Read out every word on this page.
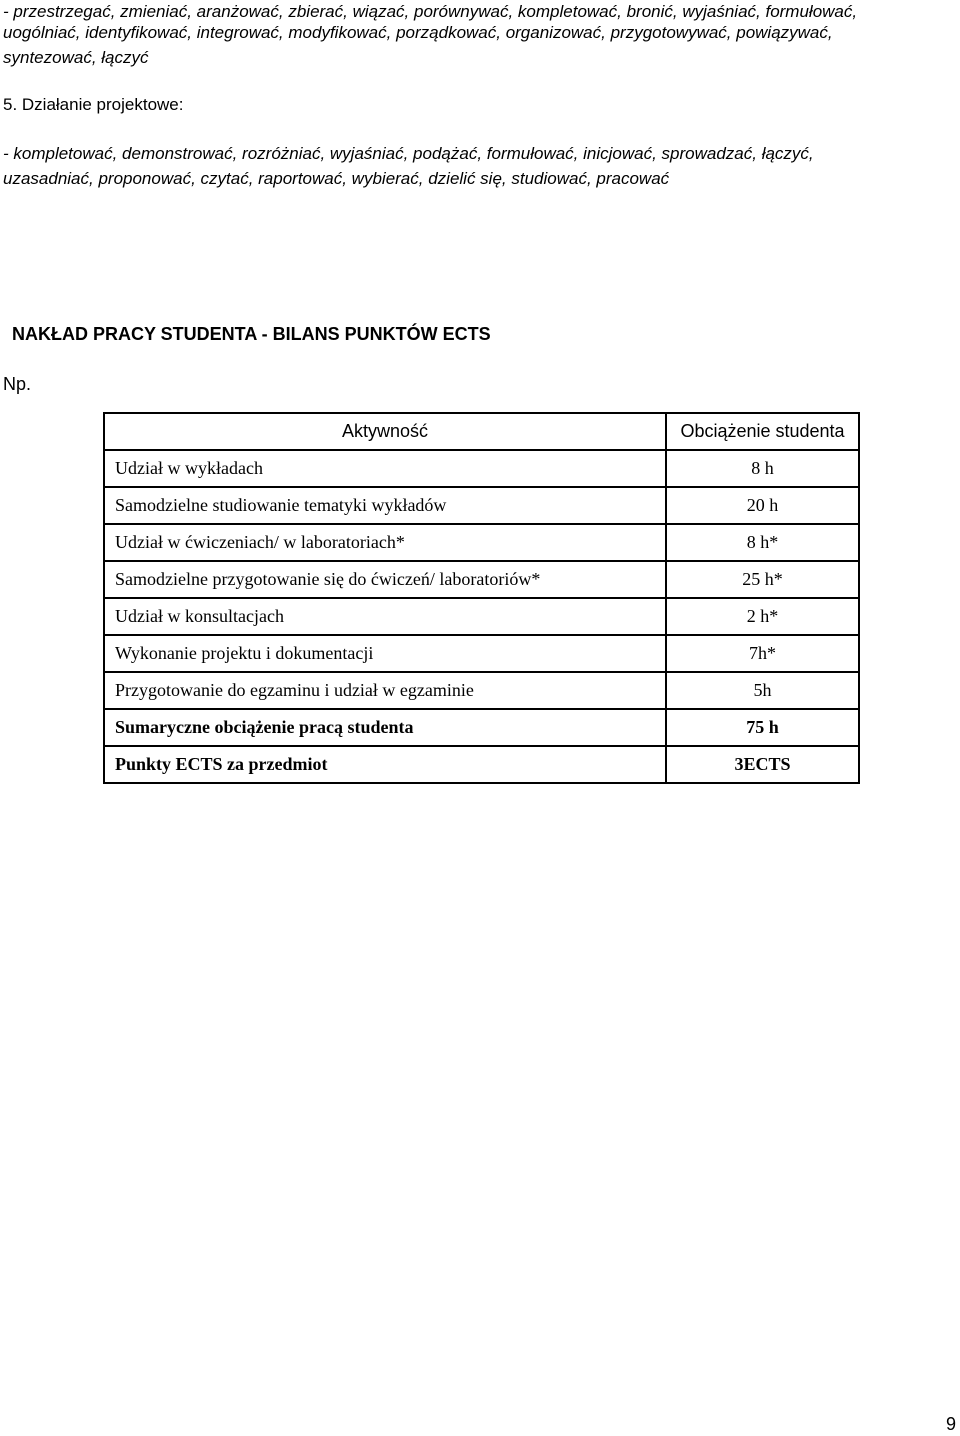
- przestrzegać, zmieniać, aranżować, zbierać, wiązać, porównywać, kompletować, bronić, wyjaśniać, formułować,

uogólniać, identyfikować, integrować, modyfikować, porządkować, organizować, przygotowywać, powiązywać,

syntezować, łączyć

5. Działanie projektowe:

- kompletować, demonstrować, rozróżniać, wyjaśniać, podążać, formułować, inicjować, sprowadzać, łączyć,

uzasadniać, proponować, czytać, raportować, wybierać, dzielić się, studiować, pracować

NAKŁAD PRACY STUDENTA - BILANS PUNKTÓW ECTS

Np.

Aktywność	Obciążenie studenta
Udział w wykładach	8 h
Samodzielne studiowanie tematyki wykładów	20 h
Udział w ćwiczeniach/ w laboratoriach*	8 h*
Samodzielne przygotowanie się do ćwiczeń/ laboratoriów*	25 h*
Udział w konsultacjach	2 h*
Wykonanie projektu i dokumentacji	7h*
Przygotowanie do egzaminu i udział w egzaminie	5h
Sumaryczne obciążenie pracą studenta	75 h
Punkty ECTS za przedmiot	3ECTS

9
